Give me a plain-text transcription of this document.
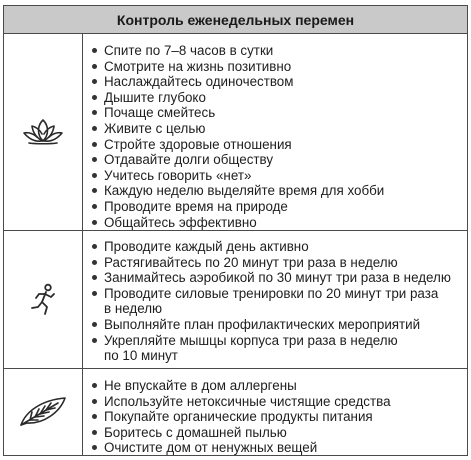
Контроль еженедельных перемен
Спите по 7–8 часов в сутки
Смотрите на жизнь позитивно
Наслаждайтесь одиночеством
Дышите глубоко
Почаще смейтесь
Живите с целью
Стройте здоровые отношения
Отдавайте долги обществу
Учитесь говорить «нет»
Каждую неделю выделяйте время для хобби
Проводите время на природе
Общайтесь эффективно
Проводите каждый день активно
Растягивайтесь по 20 минут три раза в неделю
Занимайтесь аэробикой по 30 минут три раза в неделю
Проводите силовые тренировки по 20 минут три раза
в неделю
Выполняйте план профилактических мероприятий
Укрепляйте мышцы корпуса три раза в неделю
по 10 минут
Не впускайте в дом аллергены
Используйте нетоксичные чистящие средства
Покупайте органические продукты питания
Боритесь с домашней пылью
Очистите дом от ненужных вещей
